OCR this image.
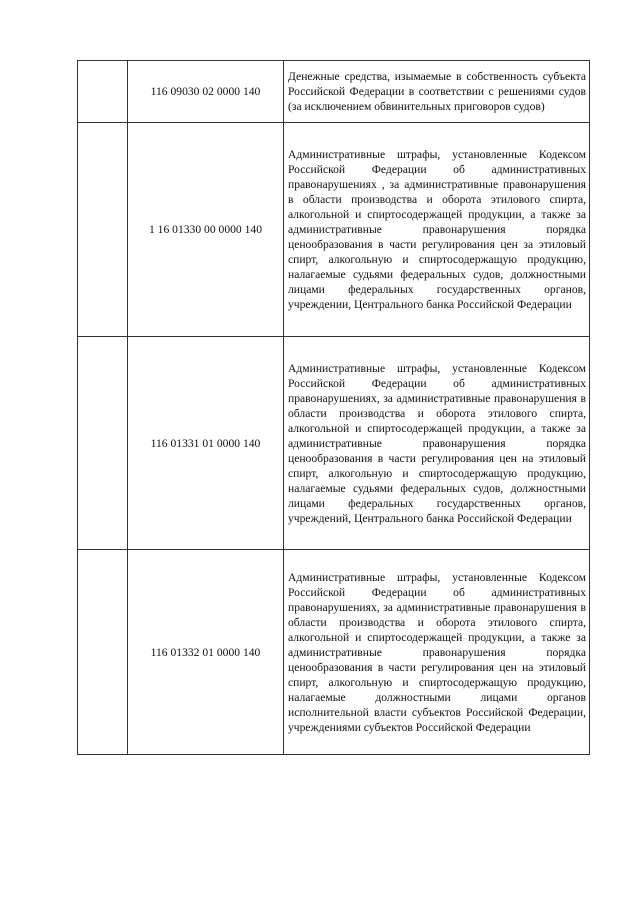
	116 09030 02 0000 140	Денежные средства, изымаемые в собственность субъекта Российской Федерации в соответствии с решениями судов (за исключением обвинительных приговоров судов)
	1 16 01330 00 0000 140	Административные штрафы, установленные Кодексом Российской Федерации об административных правонарушениях , за административные правонарушения в области производства и оборота этилового спирта, алкогольной и спиртосодержащей продукции, а также за административные правонарушения порядка ценообразования в части регулирования цен за этиловый спирт, алкогольную и спиртосодержащую продукцию, налагаемые судьями федеральных судов, должностными лицами федеральных государственных органов, учреждении, Центрального банка Российской Федерации
	116 01331 01 0000 140	Административные штрафы, установленные Кодексом Российской Федерации об административных правонарушениях, за административные правонарушения в области производства и оборота этилового спирта, алкогольной и спиртосодержащей продукции, а также за административные правонарушения порядка ценообразования в части регулирования цен на этиловый спирт, алкогольную и спиртосодержащую продукцию, налагаемые судьями федеральных судов, должностными лицами федеральных государственных органов, учреждений, Центрального банка Российской Федерации
	116 01332 01 0000 140	Административные штрафы, установленные Кодексом Российской Федерации об административных правонарушениях, за административные правонарушения в области производства и оборота этилового спирта, алкогольной и спиртосодержащей продукции, а также за административные правонарушения порядка ценообразования в части регулирования цен на этиловый спирт, алкогольную и спиртосодержащую продукцию, налагаемые должностными лицами органов исполнительной власти субъектов Российской Федерации, учреждениями субъектов Российской Федерации
